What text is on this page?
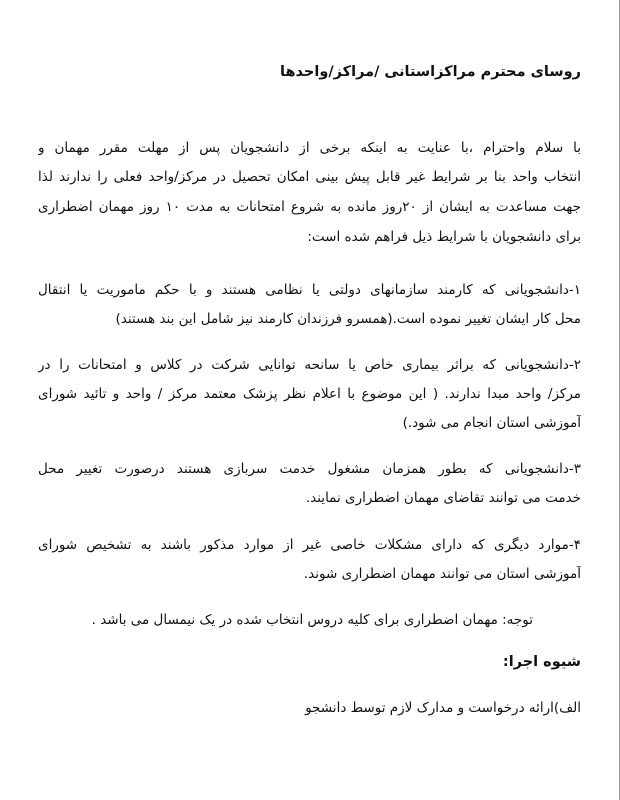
روسای محترم مراکزاستانی /مراکز/واحدها
با سلام واحترام ،با عنایت به اینکه برخی از دانشجویان پس از مهلت مقرر مهمان و
انتخاب واحد بنا بر شرایط غیر قابل پیش بینی امکان تحصیل در مرکز/واحد فعلی را ندارند لذا
جهت مساعدت به ایشان از ۲۰روز مانده به شروع امتحانات به مدت ۱۰ روز مهمان اضطراری
برای دانشجویان با شرایط ذیل فراهم شده است:
۱-دانشجویانی که کارمند سازمانهای دولتی یا نظامی هستند و با حکم ماموریت یا انتقال
محل کار ایشان تغییر نموده است.(همسرو فرزندان کارمند نیز شامل این بند هستند)
۲-دانشجویانی که براثر بیماری خاص یا سانحه توانایی شرکت در کلاس و امتحانات را در
مرکز/ واحد مبدا ندارند. ( این موضوع با اعلام نظر پزشک معتمد مرکز / واحد و تائید شورای
آموزشی استان انجام می شود.)
۳-دانشجویانی که بطور همزمان مشغول خدمت سربازی هستند درصورت تغییر محل
خدمت می توانند تقاضای مهمان اضطراری نمایند.
۴-موارد دیگری که دارای مشکلات خاصی غیر از موارد مذکور باشند به تشخیص شورای
آموزشی استان می توانند مهمان اضطراری شوند.
توجه: مهمان اضطراری برای کلیه دروس انتخاب شده در یک نیمسال می باشد .
شیوه اجرا:
الف)ارائه درخواست و مدارک لازم توسط دانشجو
